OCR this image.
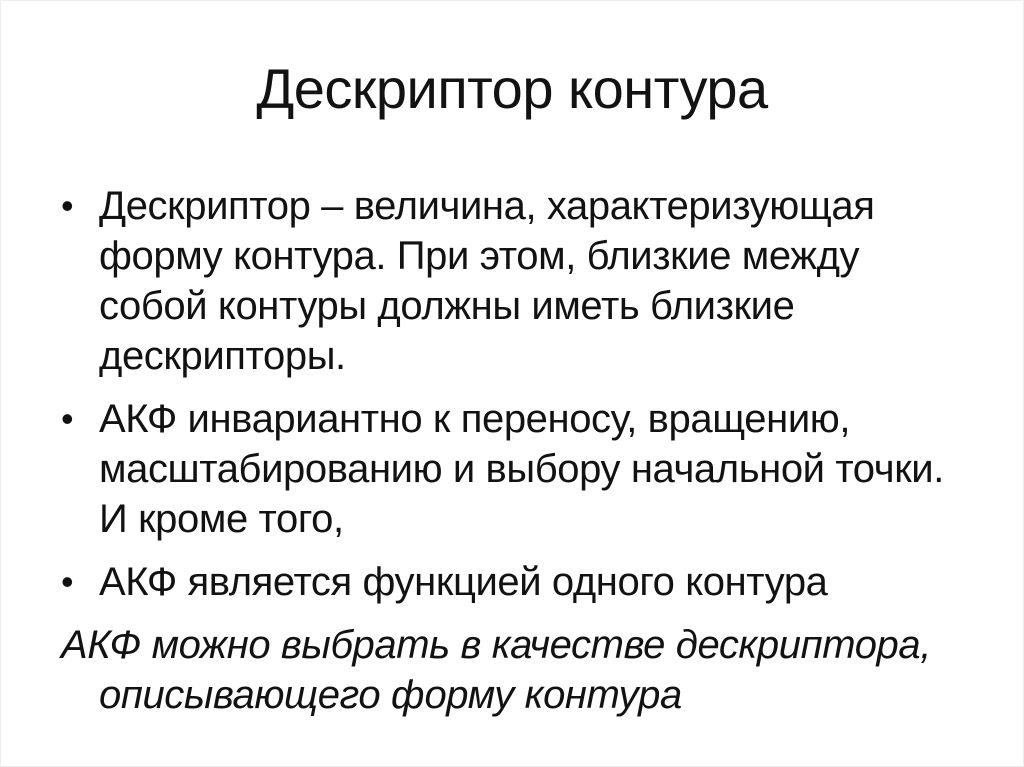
Дескриптор контура
• Дескриптор – величина, характеризующая
форму контура. При этом, близкие между
собой контуры должны иметь близкие
дескрипторы.
• АКФ инвариантно к переносу, вращению,
масштабированию и выбору начальной точки.
И кроме того,
• АКФ является функцией одного контура
АКФ можно выбрать в качестве дескриптора,
описывающего форму контура
